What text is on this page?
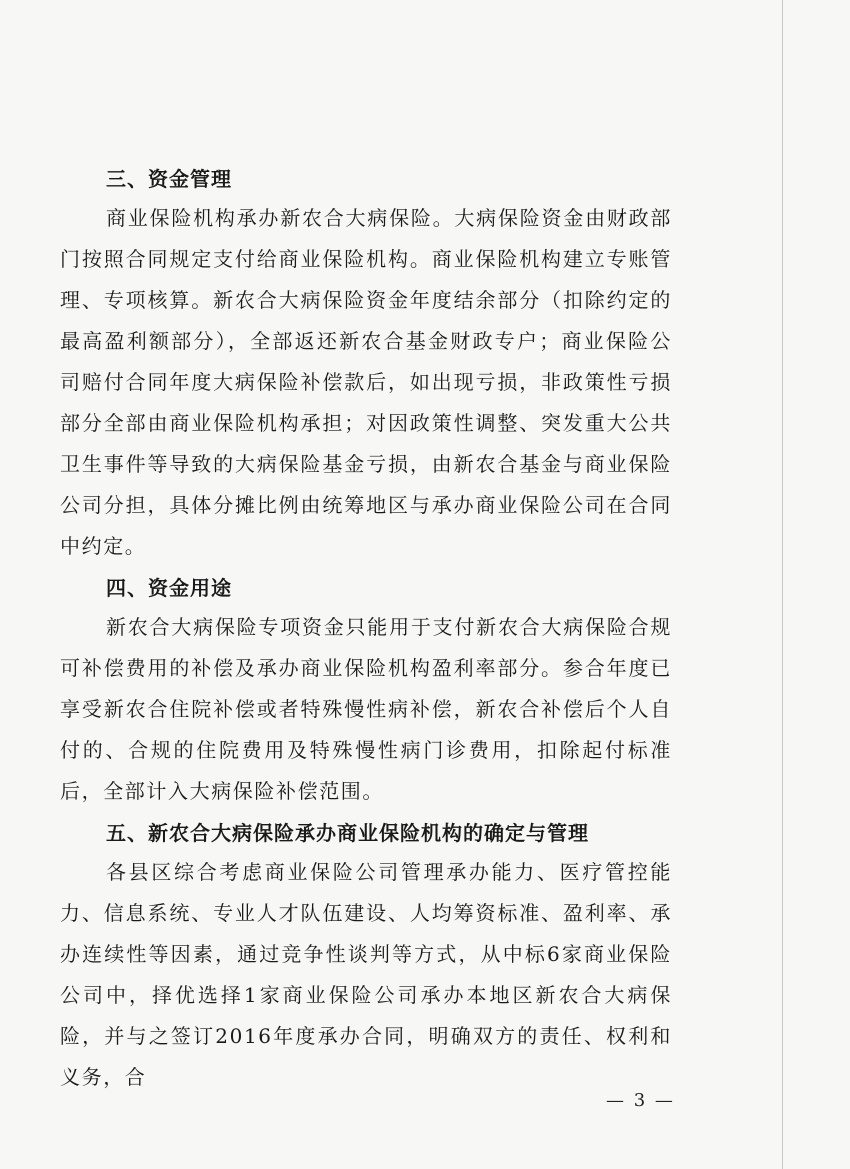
三、资金管理

商业保险机构承办新农合大病保险。大病保险资金由财政部门按照合同规定支付给商业保险机构。商业保险机构建立专账管理、专项核算。新农合大病保险资金年度结余部分（扣除约定的最高盈利额部分），全部返还新农合基金财政专户；商业保险公司赔付合同年度大病保险补偿款后，如出现亏损，非政策性亏损部分全部由商业保险机构承担；对因政策性调整、突发重大公共卫生事件等导致的大病保险基金亏损，由新农合基金与商业保险公司分担，具体分摊比例由统筹地区与承办商业保险公司在合同中约定。

四、资金用途

新农合大病保险专项资金只能用于支付新农合大病保险合规可补偿费用的补偿及承办商业保险机构盈利率部分。参合年度已享受新农合住院补偿或者特殊慢性病补偿，新农合补偿后个人自付的、合规的住院费用及特殊慢性病门诊费用，扣除起付标准后，全部计入大病保险补偿范围。

五、新农合大病保险承办商业保险机构的确定与管理

各县区综合考虑商业保险公司管理承办能力、医疗管控能力、信息系统、专业人才队伍建设、人均筹资标准、盈利率、承办连续性等因素，通过竞争性谈判等方式，从中标6家商业保险公司中，择优选择1家商业保险公司承办本地区新农合大病保险，并与之签订2016年度承办合同，明确双方的责任、权利和义务，合

— 3 —
